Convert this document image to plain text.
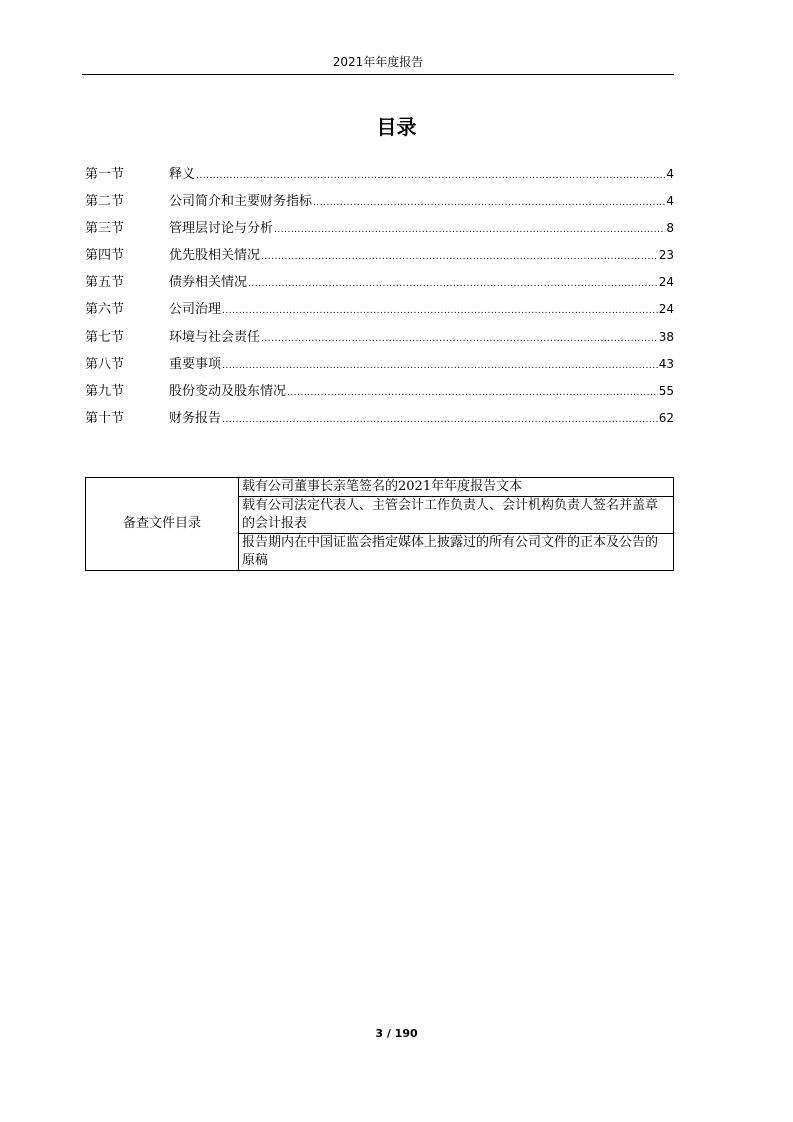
2021年年度报告
目录
第一节	释义 .....	4
第二节	公司简介和主要财务指标 .....	4
第三节	管理层讨论与分析 .....	8
第四节	优先股相关情况 .....	23
第五节	债券相关情况 .....	24
第六节	公司治理 .....	24
第七节	环境与社会责任 .....	38
第八节	重要事项 .....	43
第九节	股份变动及股东情况 .....	55
第十节	财务报告 .....	62
备查文件目录	载有公司董事长亲笔签名的2021年年度报告文本
载有公司法定代表人、主管会计工作负责人、会计机构负责人签名并盖章的会计报表
报告期内在中国证监会指定媒体上披露过的所有公司文件的正本及公告的原稿
3 / 190
